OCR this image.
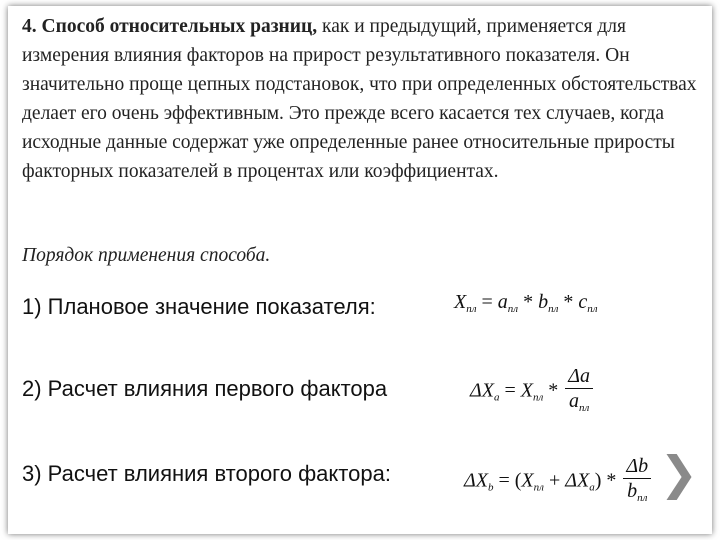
4. Способ относительных разниц, как и предыдущий, применяется для измерения влияния факторов на прирост результативного показателя. Он значительно проще цепных подстановок, что при определенных обстоятельствах делает его очень эффективным. Это прежде всего касается тех случаев, когда исходные данные содержат уже определенные ранее относительные приросты факторных показателей в процентах или коэффициентах.

Порядок применения способа.
1) Плановое значение показателя:	$X_{пл} = a_{пл} * b_{пл} * c_{пл}$
2) Расчет влияния первого фактора	$\Delta X_a = X_{пл} * \frac{\Delta a}{a_{пл}}$
3) Расчет влияния второго фактора:	$\Delta X_b = (X_{пл} + \Delta X_a) * \frac{\Delta b}{b_{пл}}$ ❯
